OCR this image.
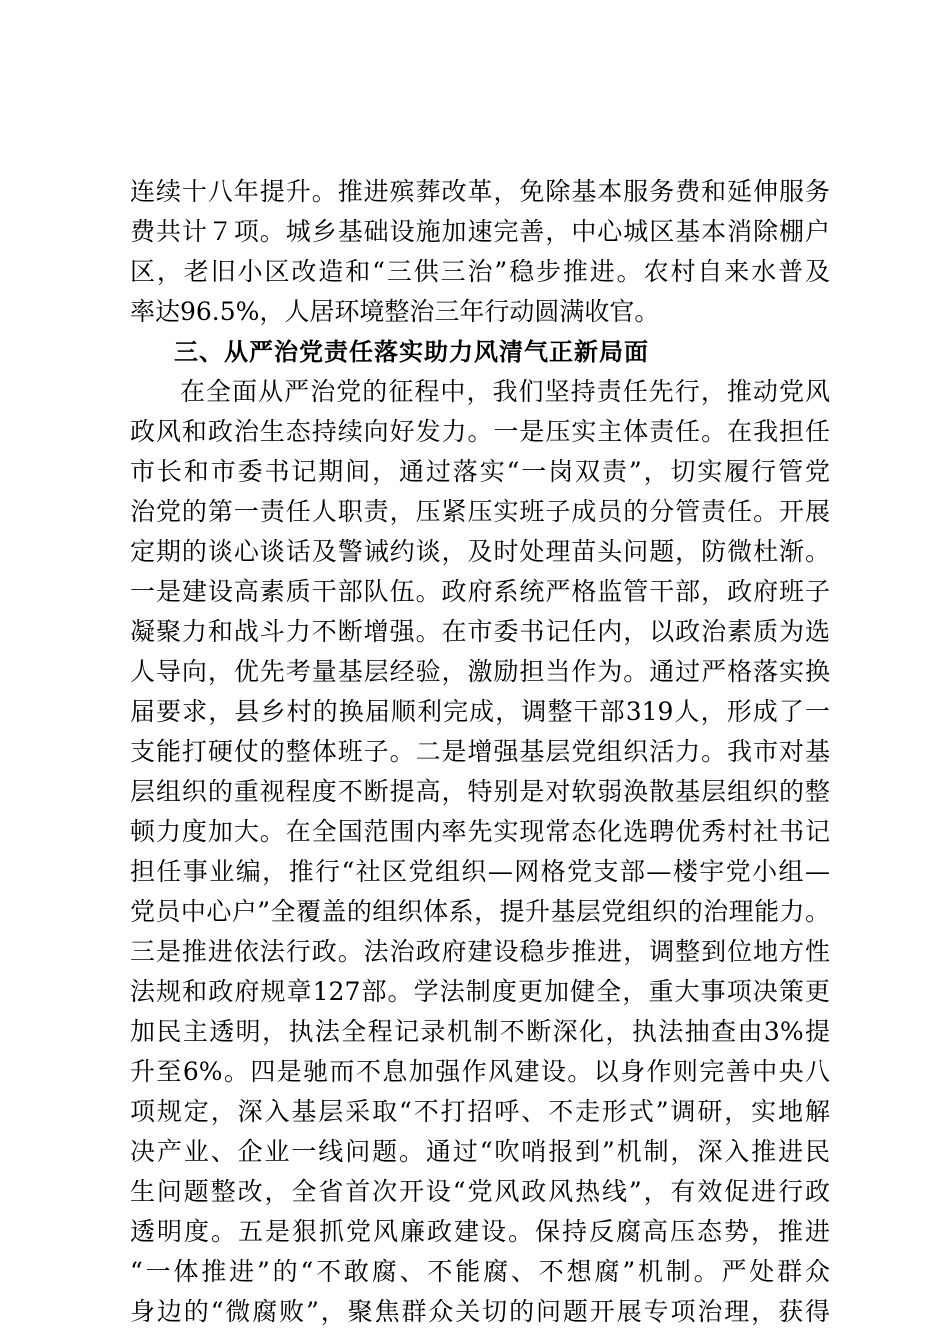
连续十八年提升。推进殡葬改革，免除基本服务费和延伸服务
费共计７项。城乡基础设施加速完善，中心城区基本消除棚户
区，老旧小区改造和“三供三治”稳步推进。农村自来水普及
率达96.5%，人居环境整治三年行动圆满收官。
三、从严治党责任落实助力风清气正新局面
在全面从严治党的征程中，我们坚持责任先行，推动党风
政风和政治生态持续向好发力。一是压实主体责任。在我担任
市长和市委书记期间，通过落实“一岗双责”，切实履行管党
治党的第一责任人职责，压紧压实班子成员的分管责任。开展
定期的谈心谈话及警诫约谈，及时处理苗头问题，防微杜渐。
一是建设高素质干部队伍。政府系统严格监管干部，政府班子
凝聚力和战斗力不断增强。在市委书记任内，以政治素质为选
人导向，优先考量基层经验，激励担当作为。通过严格落实换
届要求，县乡村的换届顺利完成，调整干部319人，形成了一
支能打硬仗的整体班子。二是增强基层党组织活力。我市对基
层组织的重视程度不断提高，特别是对软弱涣散基层组织的整
顿力度加大。在全国范围内率先实现常态化选聘优秀村社书记
担任事业编，推行“社区党组织—网格党支部—楼宇党小组—
党员中心户”全覆盖的组织体系，提升基层党组织的治理能力。
三是推进依法行政。法治政府建设稳步推进，调整到位地方性
法规和政府规章127部。学法制度更加健全，重大事项决策更
加民主透明，执法全程记录机制不断深化，执法抽查由3%提
升至6%。四是驰而不息加强作风建设。以身作则完善中央八
项规定，深入基层采取“不打招呼、不走形式”调研，实地解
决产业、企业一线问题。通过“吹哨报到”机制，深入推进民
生问题整改，全省首次开设“党风政风热线”，有效促进行政
透明度。五是狠抓党风廉政建设。保持反腐高压态势，推进
“一体推进”的“不敢腐、不能腐、不想腐”机制。严处群众
身边的“微腐败”，聚焦群众关切的问题开展专项治理，获得
